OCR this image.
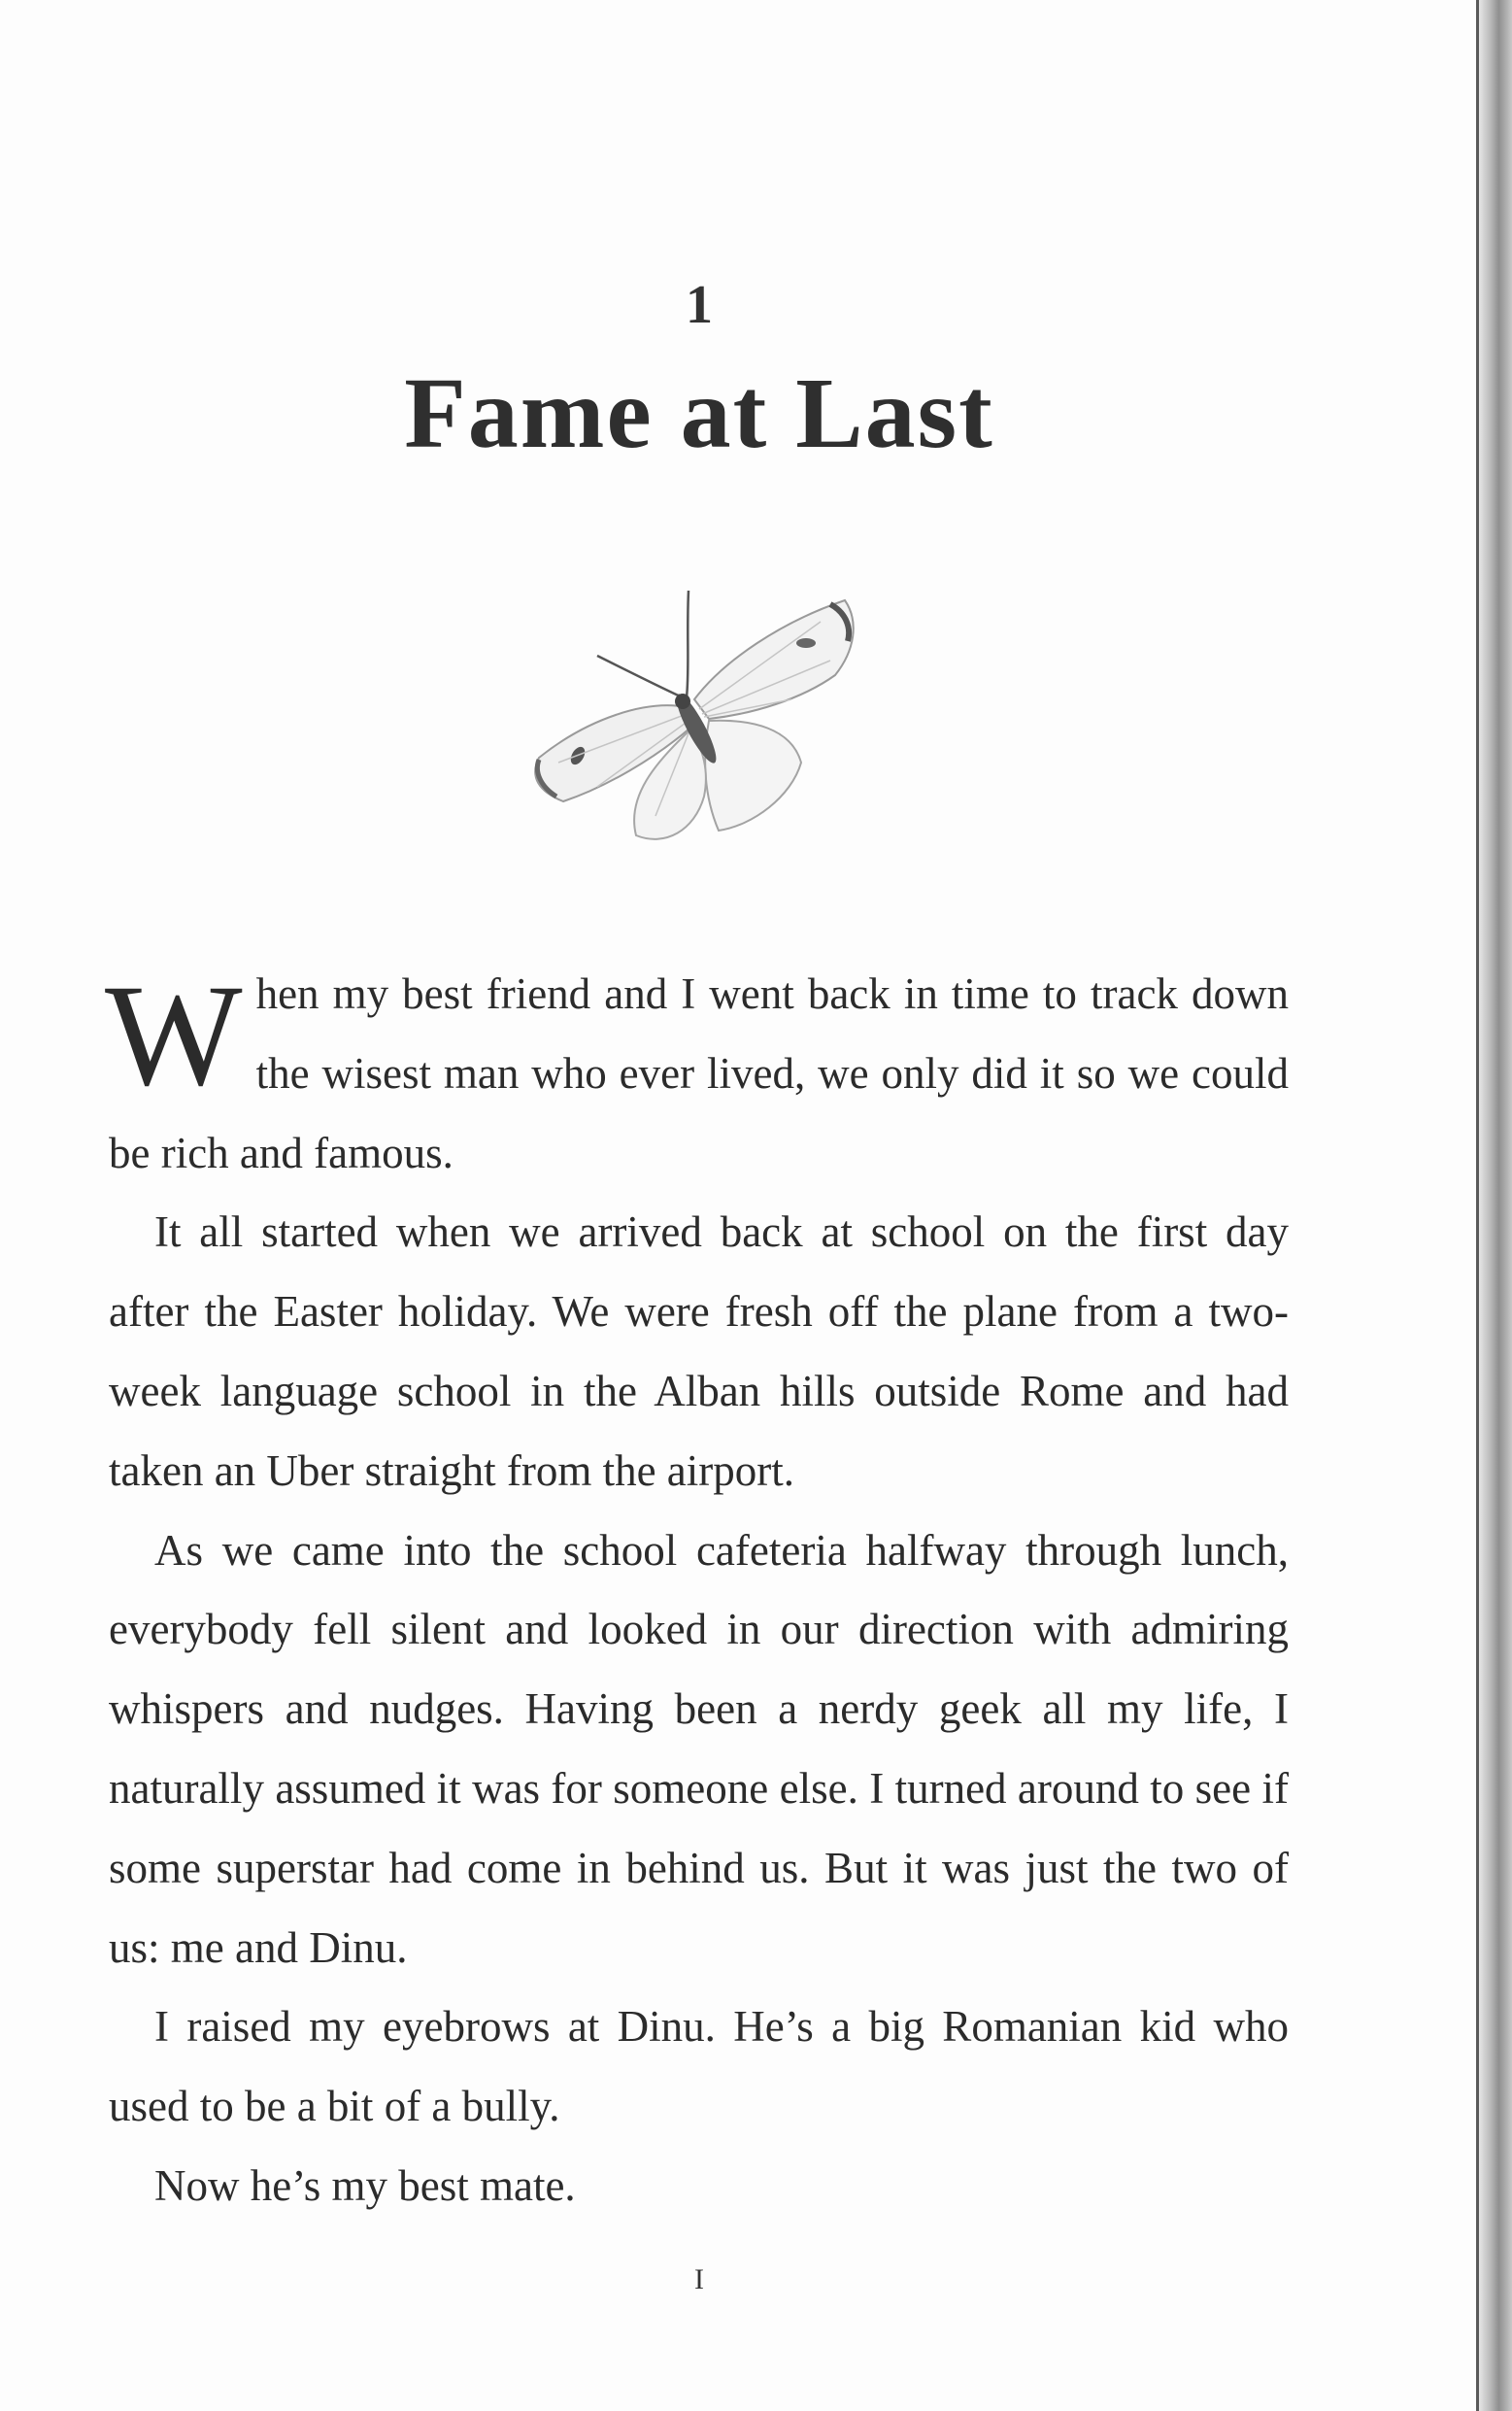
1
Fame at Last

When my best friend and I went back in time to track down the wisest man who ever lived, we only did it so we could be rich and famous.

It all started when we arrived back at school on the first day after the Easter holiday. We were fresh off the plane from a two-week language school in the Alban hills outside Rome and had taken an Uber straight from the airport.

As we came into the school cafeteria halfway through lunch, everybody fell silent and looked in our direction with admiring whispers and nudges. Having been a nerdy geek all my life, I naturally assumed it was for someone else. I turned around to see if some superstar had come in behind us. But it was just the two of us: me and Dinu.

I raised my eyebrows at Dinu. He’s a big Romanian kid who used to be a bit of a bully.

Now he’s my best mate.

I
